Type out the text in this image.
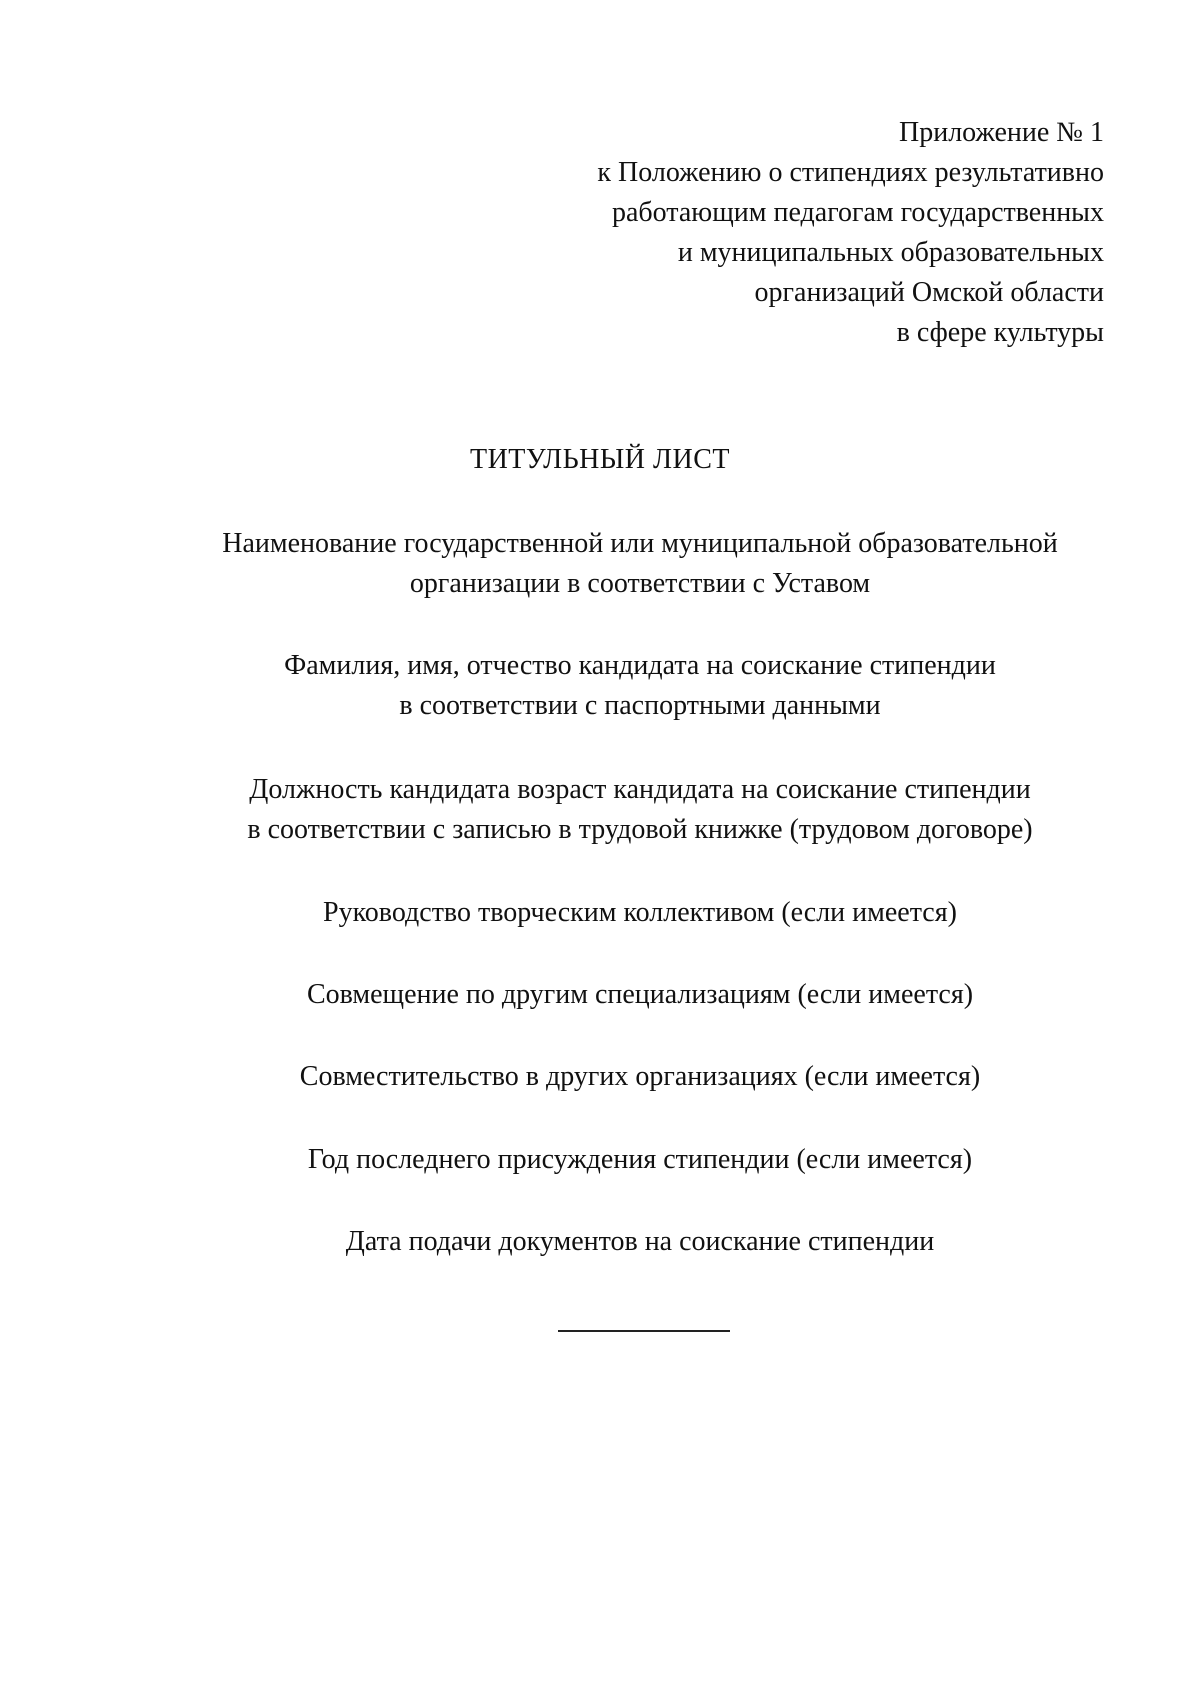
Приложение № 1
к Положению о стипендиях результативно
работающим педагогам государственных
и муниципальных образовательных
организаций Омской области
в сфере культуры
ТИТУЛЬНЫЙ ЛИСТ
Наименование государственной или муниципальной образовательной
организации в соответствии с Уставом
Фамилия, имя, отчество кандидата на соискание стипендии
в соответствии с паспортными данными
Должность кандидата возраст кандидата на соискание стипендии
в соответствии с записью в трудовой книжке (трудовом договоре)
Руководство творческим коллективом (если имеется)
Совмещение по другим специализациям (если имеется)
Совместительство в других организациях (если имеется)
Год последнего присуждения стипендии (если имеется)
Дата подачи документов на соискание стипендии
